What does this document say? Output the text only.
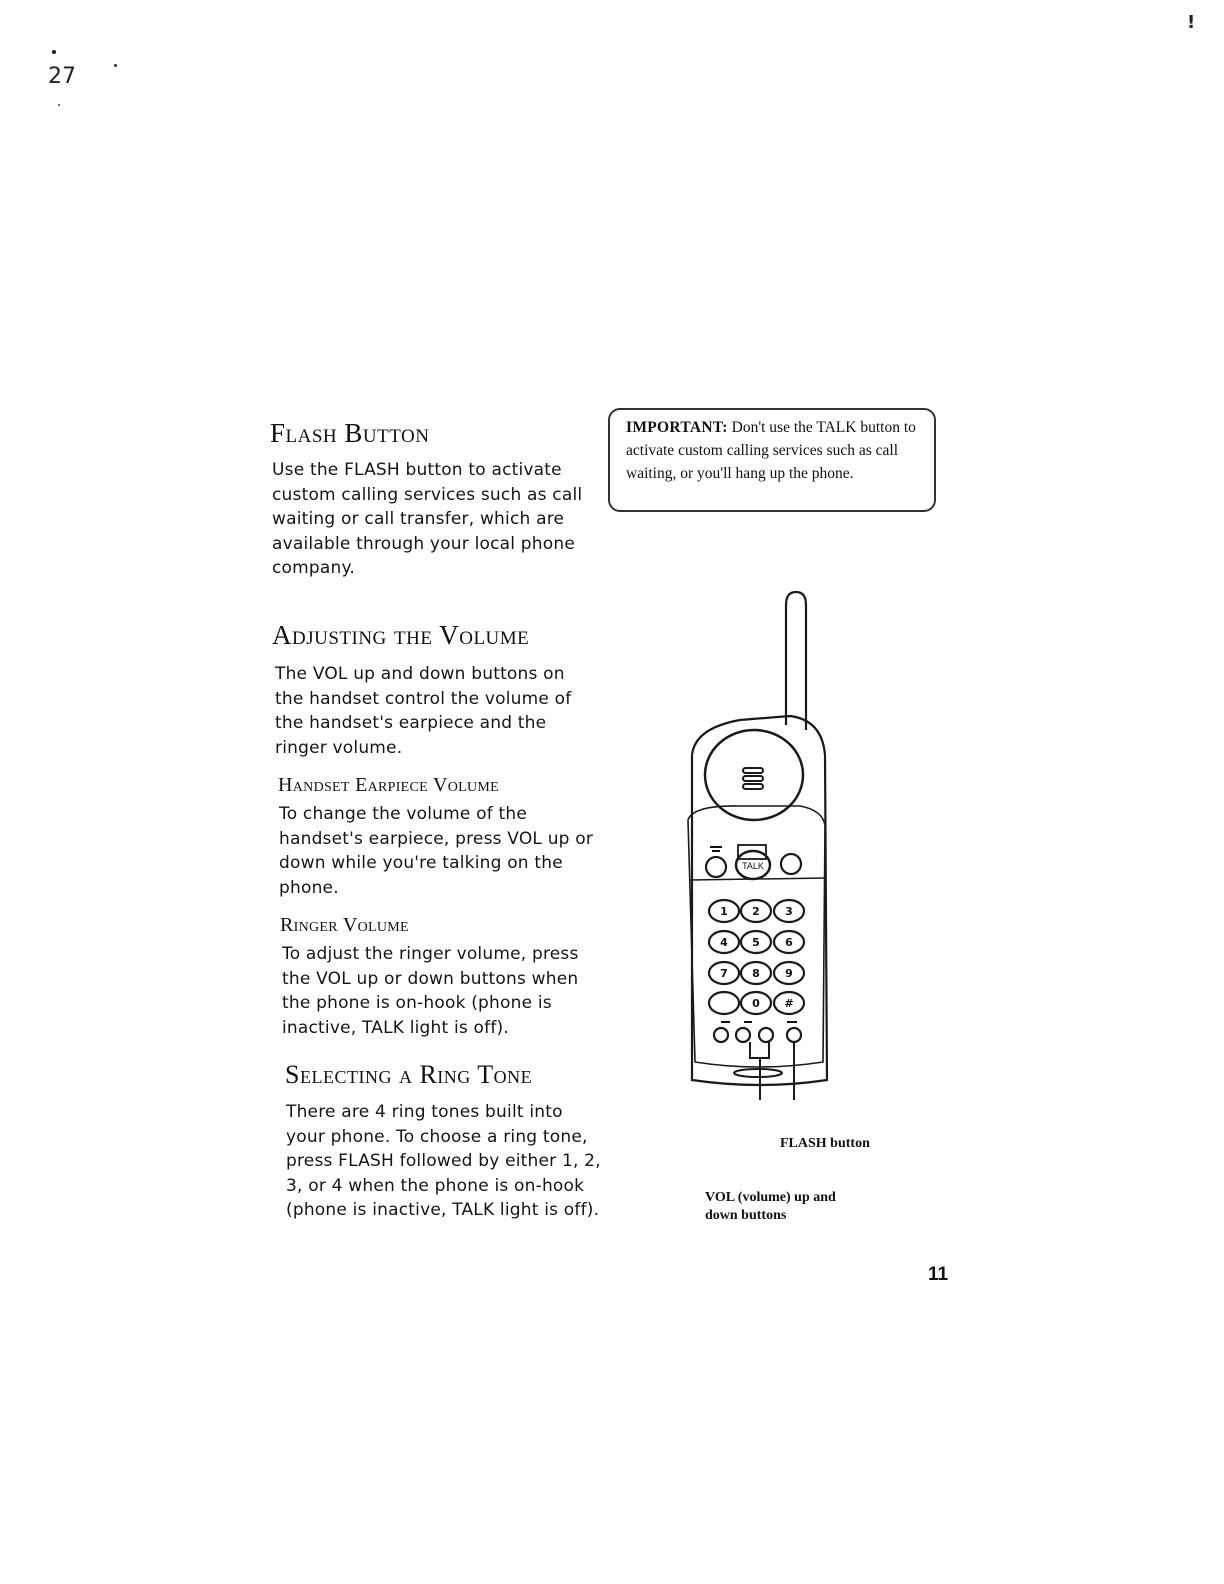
27
!
Flash Button

Use the FLASH button to activate custom calling services such as call waiting or call transfer, which are available through your local phone company.

IMPORTANT: Don't use the TALK button to activate custom calling services such as call waiting, or you'll hang up the phone.
Adjusting the Volume

The VOL up and down buttons on the handset control the volume of the handset's earpiece and the ringer volume.

Handset Earpiece Volume

To change the volume of the handset's earpiece, press VOL up or down while you're talking on the phone.

Ringer Volume

To adjust the ringer volume, press the VOL up or down buttons when the phone is on-hook (phone is inactive, TALK light is off).

Selecting a Ring Tone

There are 4 ring tones built into your phone. To choose a ring tone, press FLASH followed by either 1, 2, 3, or 4 when the phone is on-hook (phone is inactive, TALK light is off).

1 2 3
4 5 6
7 8 9
0 #
TALK
FLASH button
VOL (volume) up and
down buttons
11
